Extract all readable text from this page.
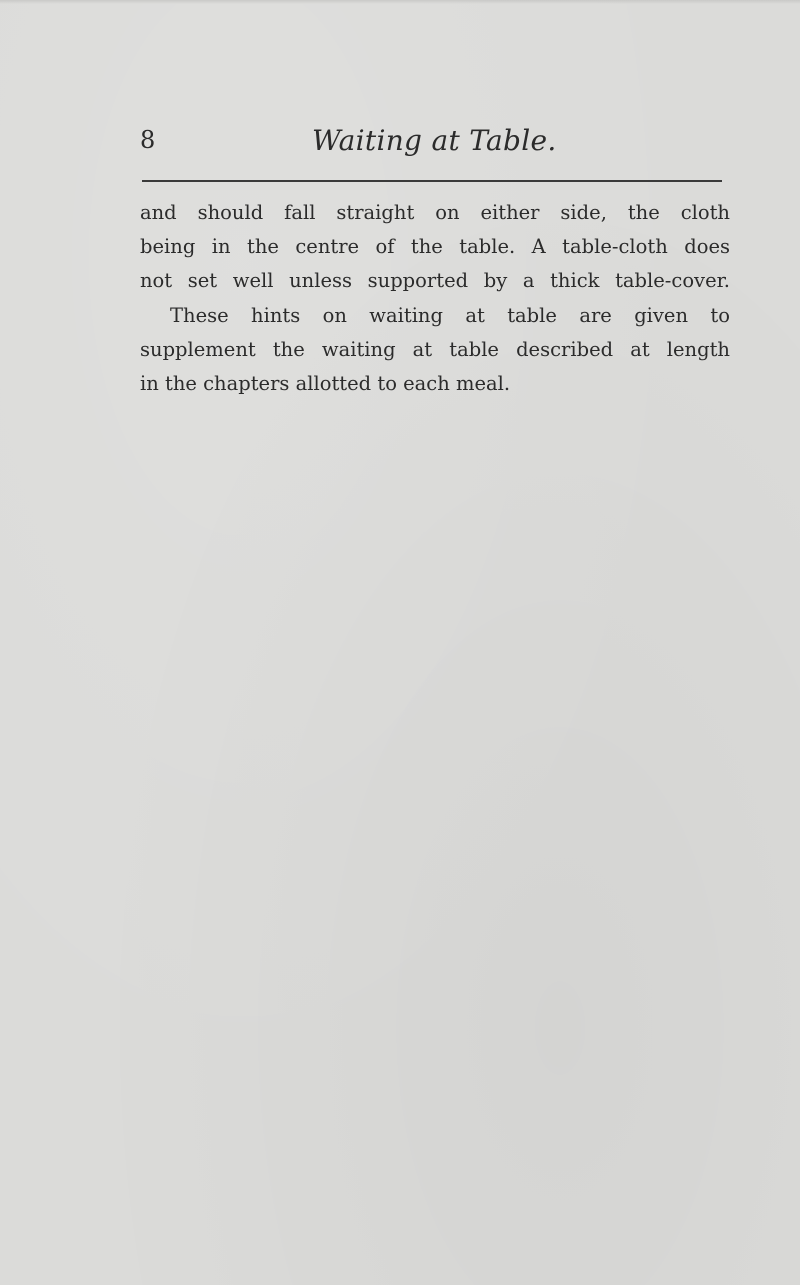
8	Waiting at Table.
and should fall straight on either side, the cloth
being in the centre of the table. A table-cloth does
not set well unless supported by a thick table-cover.
These hints on waiting at table are given to
supplement the waiting at table described at length
in the chapters allotted to each meal.
